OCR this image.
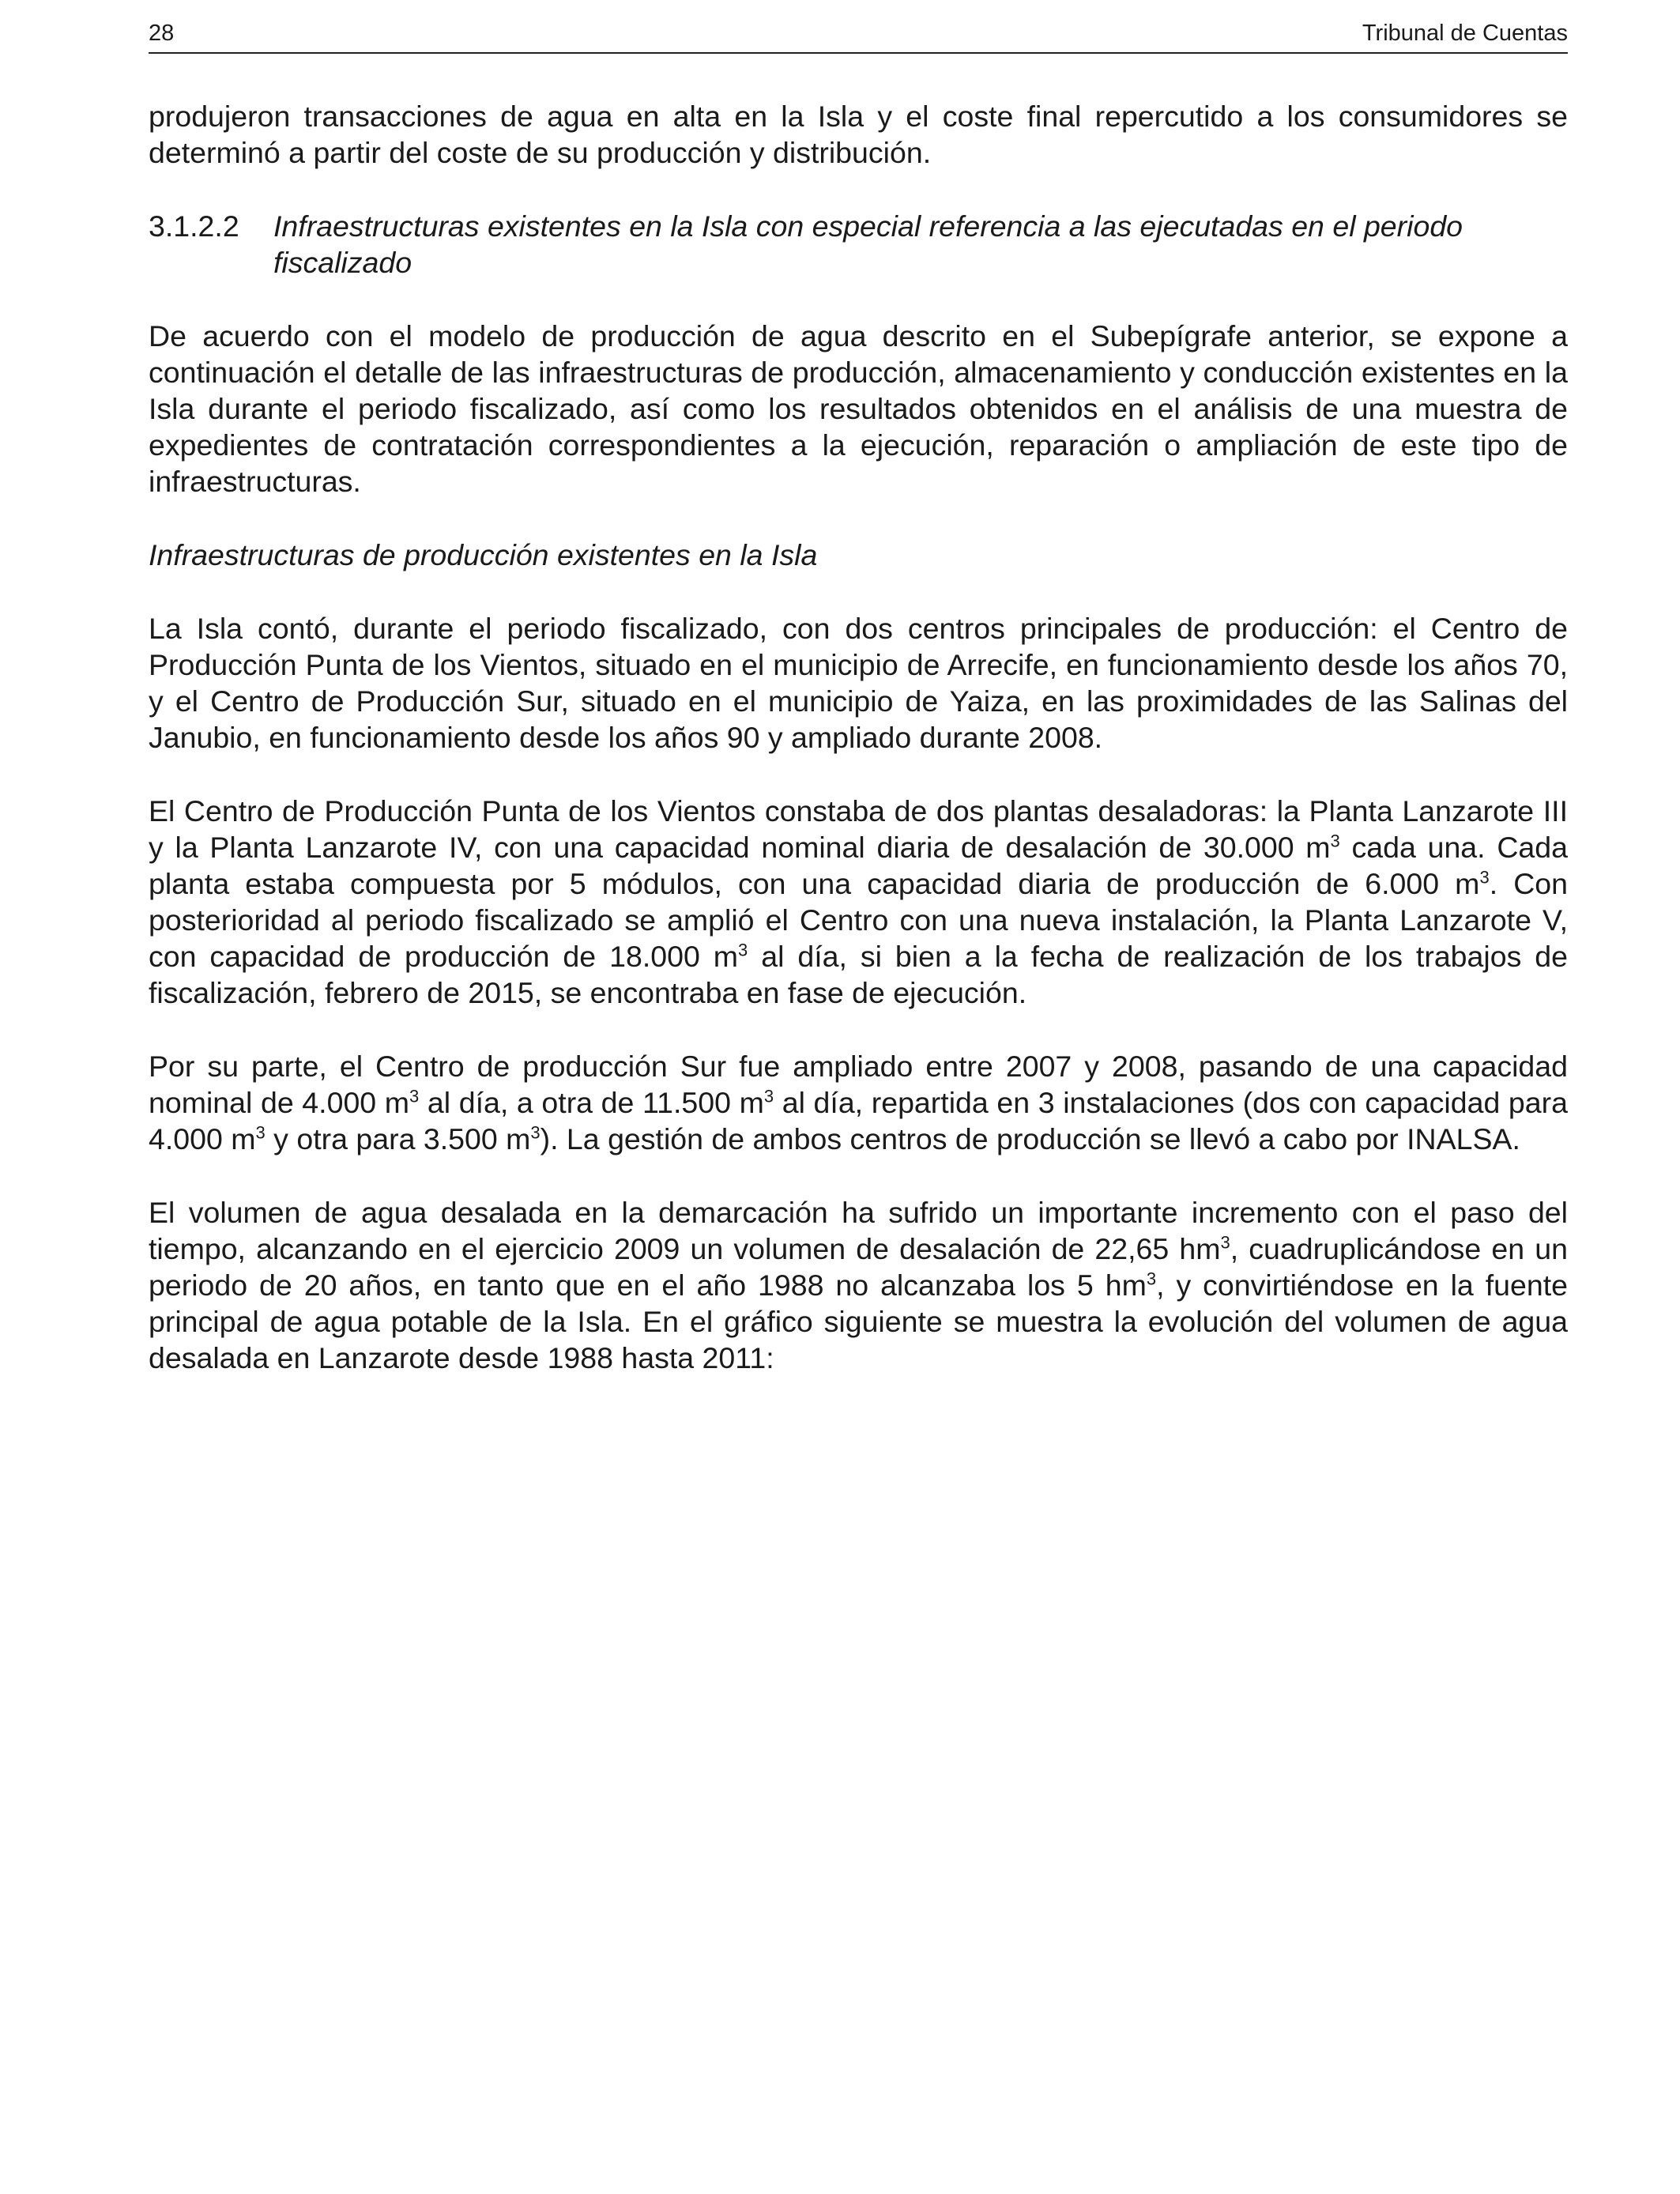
28	Tribunal de Cuentas

produjeron transacciones de agua en alta en la Isla y el coste final repercutido a los consumidores se determinó a partir del coste de su producción y distribución.

3.1.2.2	Infraestructuras existentes en la Isla con especial referencia a las ejecutadas en el periodo fiscalizado

De acuerdo con el modelo de producción de agua descrito en el Subepígrafe anterior, se expone a continuación el detalle de las infraestructuras de producción, almacenamiento y conducción existentes en la Isla durante el periodo fiscalizado, así como los resultados obtenidos en el análisis de una muestra de expedientes de contratación correspondientes a la ejecución, reparación o ampliación de este tipo de infraestructuras.

Infraestructuras de producción existentes en la Isla

La Isla contó, durante el periodo fiscalizado, con dos centros principales de producción: el Centro de Producción Punta de los Vientos, situado en el municipio de Arrecife, en funcionamiento desde los años 70, y el Centro de Producción Sur, situado en el municipio de Yaiza, en las proximidades de las Salinas del Janubio, en funcionamiento desde los años 90 y ampliado durante 2008.

El Centro de Producción Punta de los Vientos constaba de dos plantas desaladoras: la Planta Lanzarote III y la Planta Lanzarote IV, con una capacidad nominal diaria de desalación de 30.000 $m^3$ cada una. Cada planta estaba compuesta por 5 módulos, con una capacidad diaria de producción de 6.000 $m^3$. Con posterioridad al periodo fiscalizado se amplió el Centro con una nueva instalación, la Planta Lanzarote V, con capacidad de producción de 18.000 $m^3$ al día, si bien a la fecha de realización de los trabajos de fiscalización, febrero de 2015, se encontraba en fase de ejecución.

Por su parte, el Centro de producción Sur fue ampliado entre 2007 y 2008, pasando de una capacidad nominal de 4.000 $m^3$ al día, a otra de 11.500 $m^3$ al día, repartida en 3 instalaciones (dos con capacidad para 4.000 $m^3$ y otra para 3.500 $m^3$). La gestión de ambos centros de producción se llevó a cabo por INALSA.

El volumen de agua desalada en la demarcación ha sufrido un importante incremento con el paso del tiempo, alcanzando en el ejercicio 2009 un volumen de desalación de 22,65 $hm^3$, cuadruplicándose en un periodo de 20 años, en tanto que en el año 1988 no alcanzaba los 5 $hm^3$, y convirtiéndose en la fuente principal de agua potable de la Isla. En el gráfico siguiente se muestra la evolución del volumen de agua desalada en Lanzarote desde 1988 hasta 2011:
